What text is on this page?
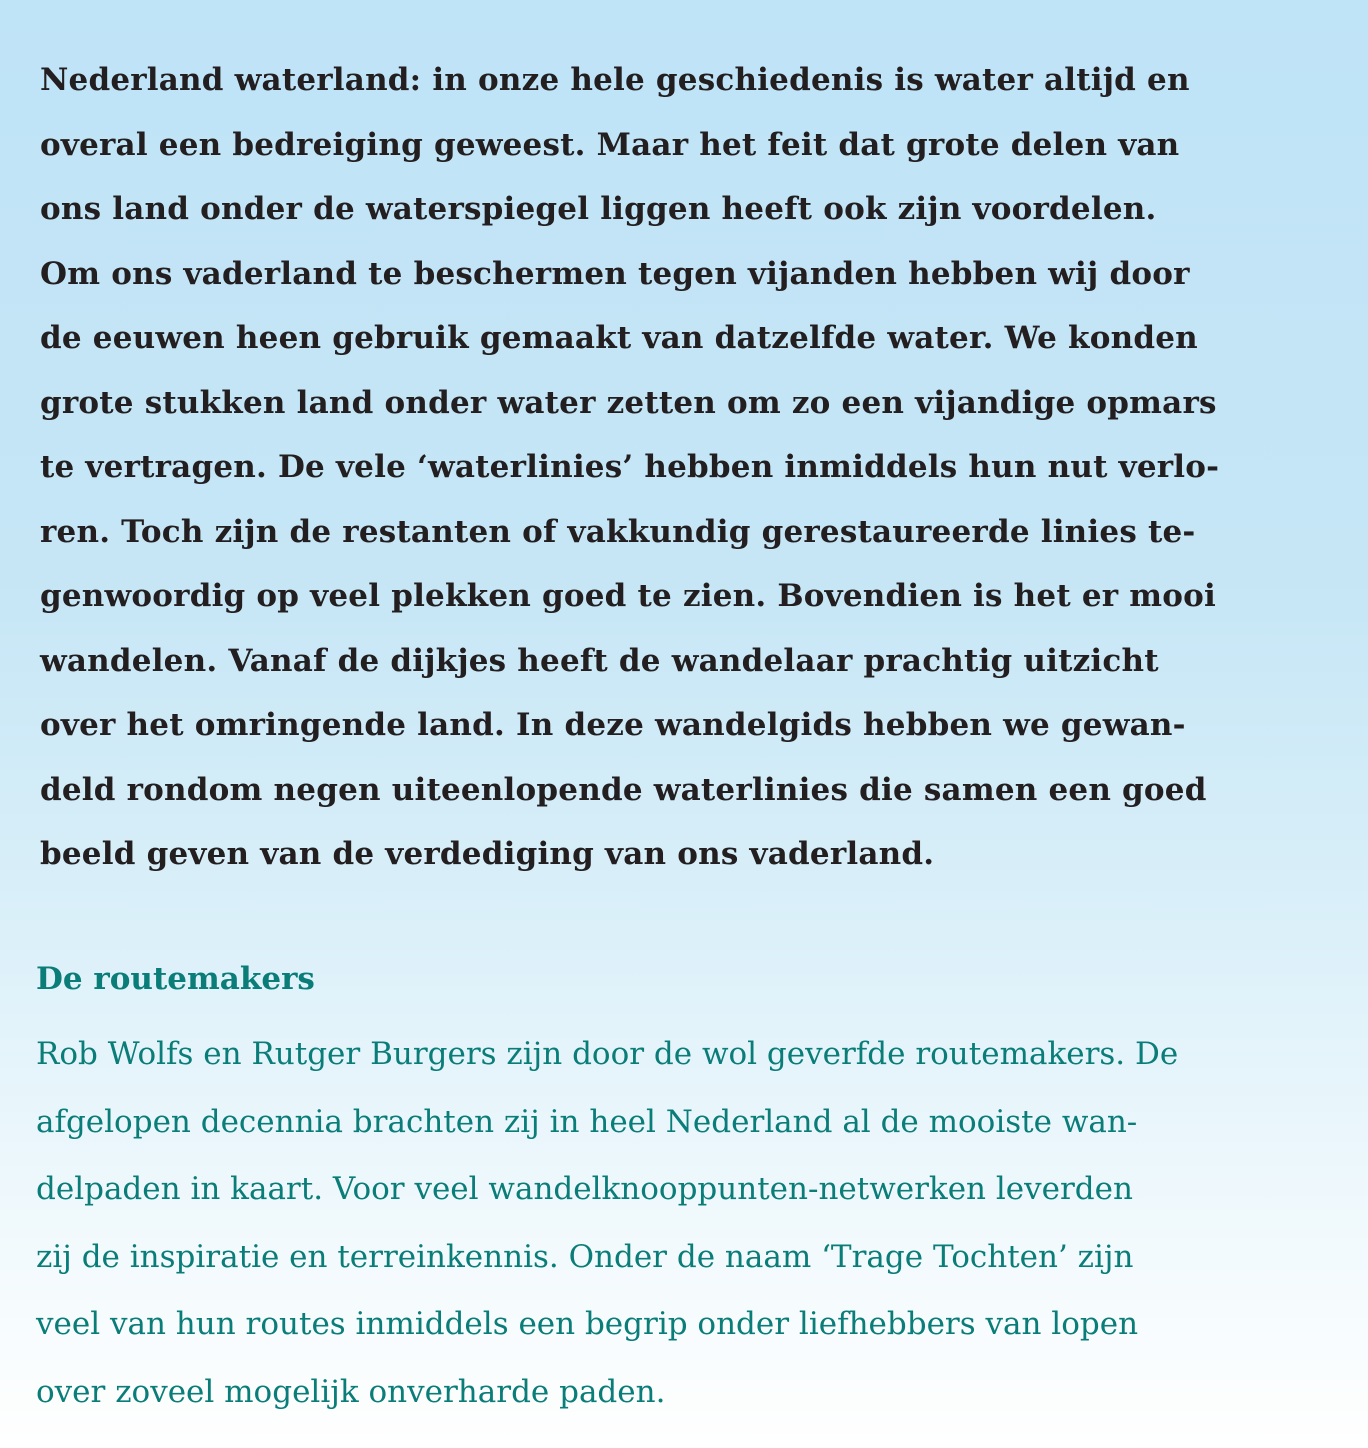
Nederland waterland: in onze hele geschiedenis is water altijd en
overal een bedreiging geweest. Maar het feit dat grote delen van
ons land onder de waterspiegel liggen heeft ook zijn voordelen.
Om ons vaderland te beschermen tegen vijanden hebben wij door
de eeuwen heen gebruik gemaakt van datzelfde water. We konden
grote stukken land onder water zetten om zo een vijandige opmars
te vertragen. De vele ‘waterlinies’ hebben inmiddels hun nut verlo-
ren. Toch zijn de restanten of vakkundig gerestaureerde linies te-
genwoordig op veel plekken goed te zien. Bovendien is het er mooi
wandelen. Vanaf de dijkjes heeft de wandelaar prachtig uitzicht
over het omringende land. In deze wandelgids hebben we gewan-
deld rondom negen uiteenlopende waterlinies die samen een goed
beeld geven van de verdediging van ons vaderland.

De routemakers

Rob Wolfs en Rutger Burgers zijn door de wol geverfde routemakers. De
afgelopen decennia brachten zij in heel Nederland al de mooiste wan-
delpaden in kaart. Voor veel wandelknooppunten-netwerken leverden
zij de inspiratie en terreinkennis. Onder de naam ‘Trage Tochten’ zijn
veel van hun routes inmiddels een begrip onder liefhebbers van lopen
over zoveel mogelijk onverharde paden.
